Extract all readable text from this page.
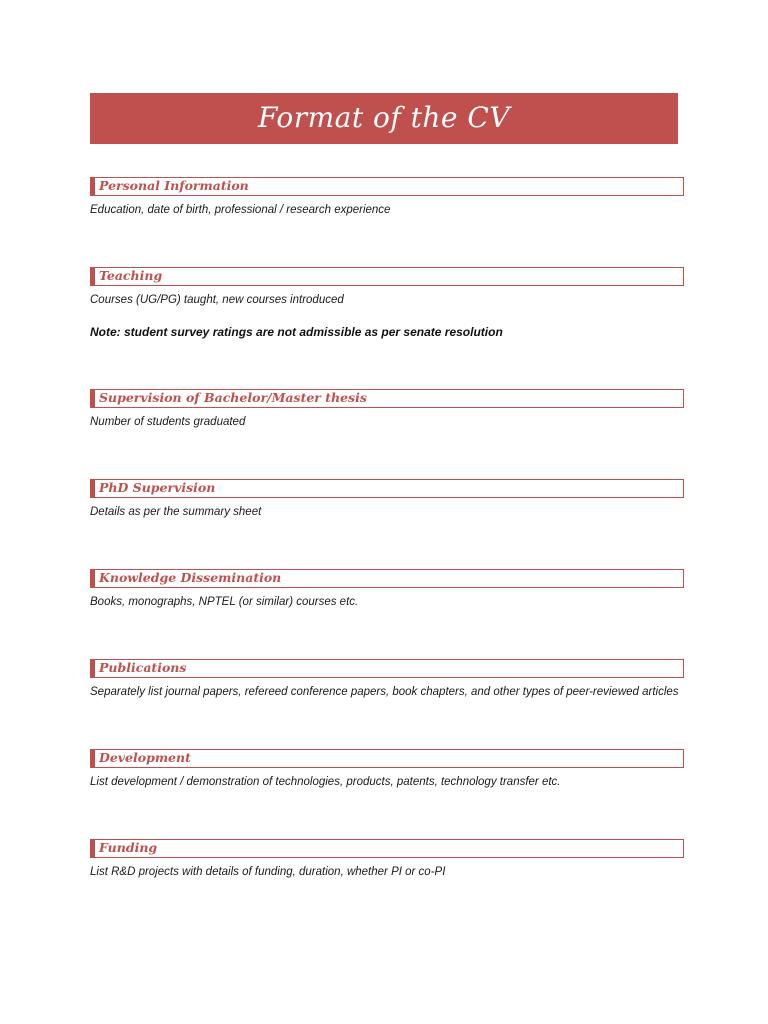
Format of the CV
Personal Information
Education, date of birth, professional / research experience
Teaching
Courses (UG/PG) taught, new courses introduced
Note: student survey ratings are not admissible as per senate resolution
Supervision of Bachelor/Master thesis
Number of students graduated
PhD Supervision
Details as per the summary sheet
Knowledge Dissemination
Books, monographs, NPTEL (or similar) courses etc.
Publications
Separately list journal papers, refereed conference papers, book chapters, and other types of peer-reviewed articles
Development
List development / demonstration of technologies, products, patents, technology transfer etc.
Funding
List R&D projects with details of funding, duration, whether PI or co-PI
